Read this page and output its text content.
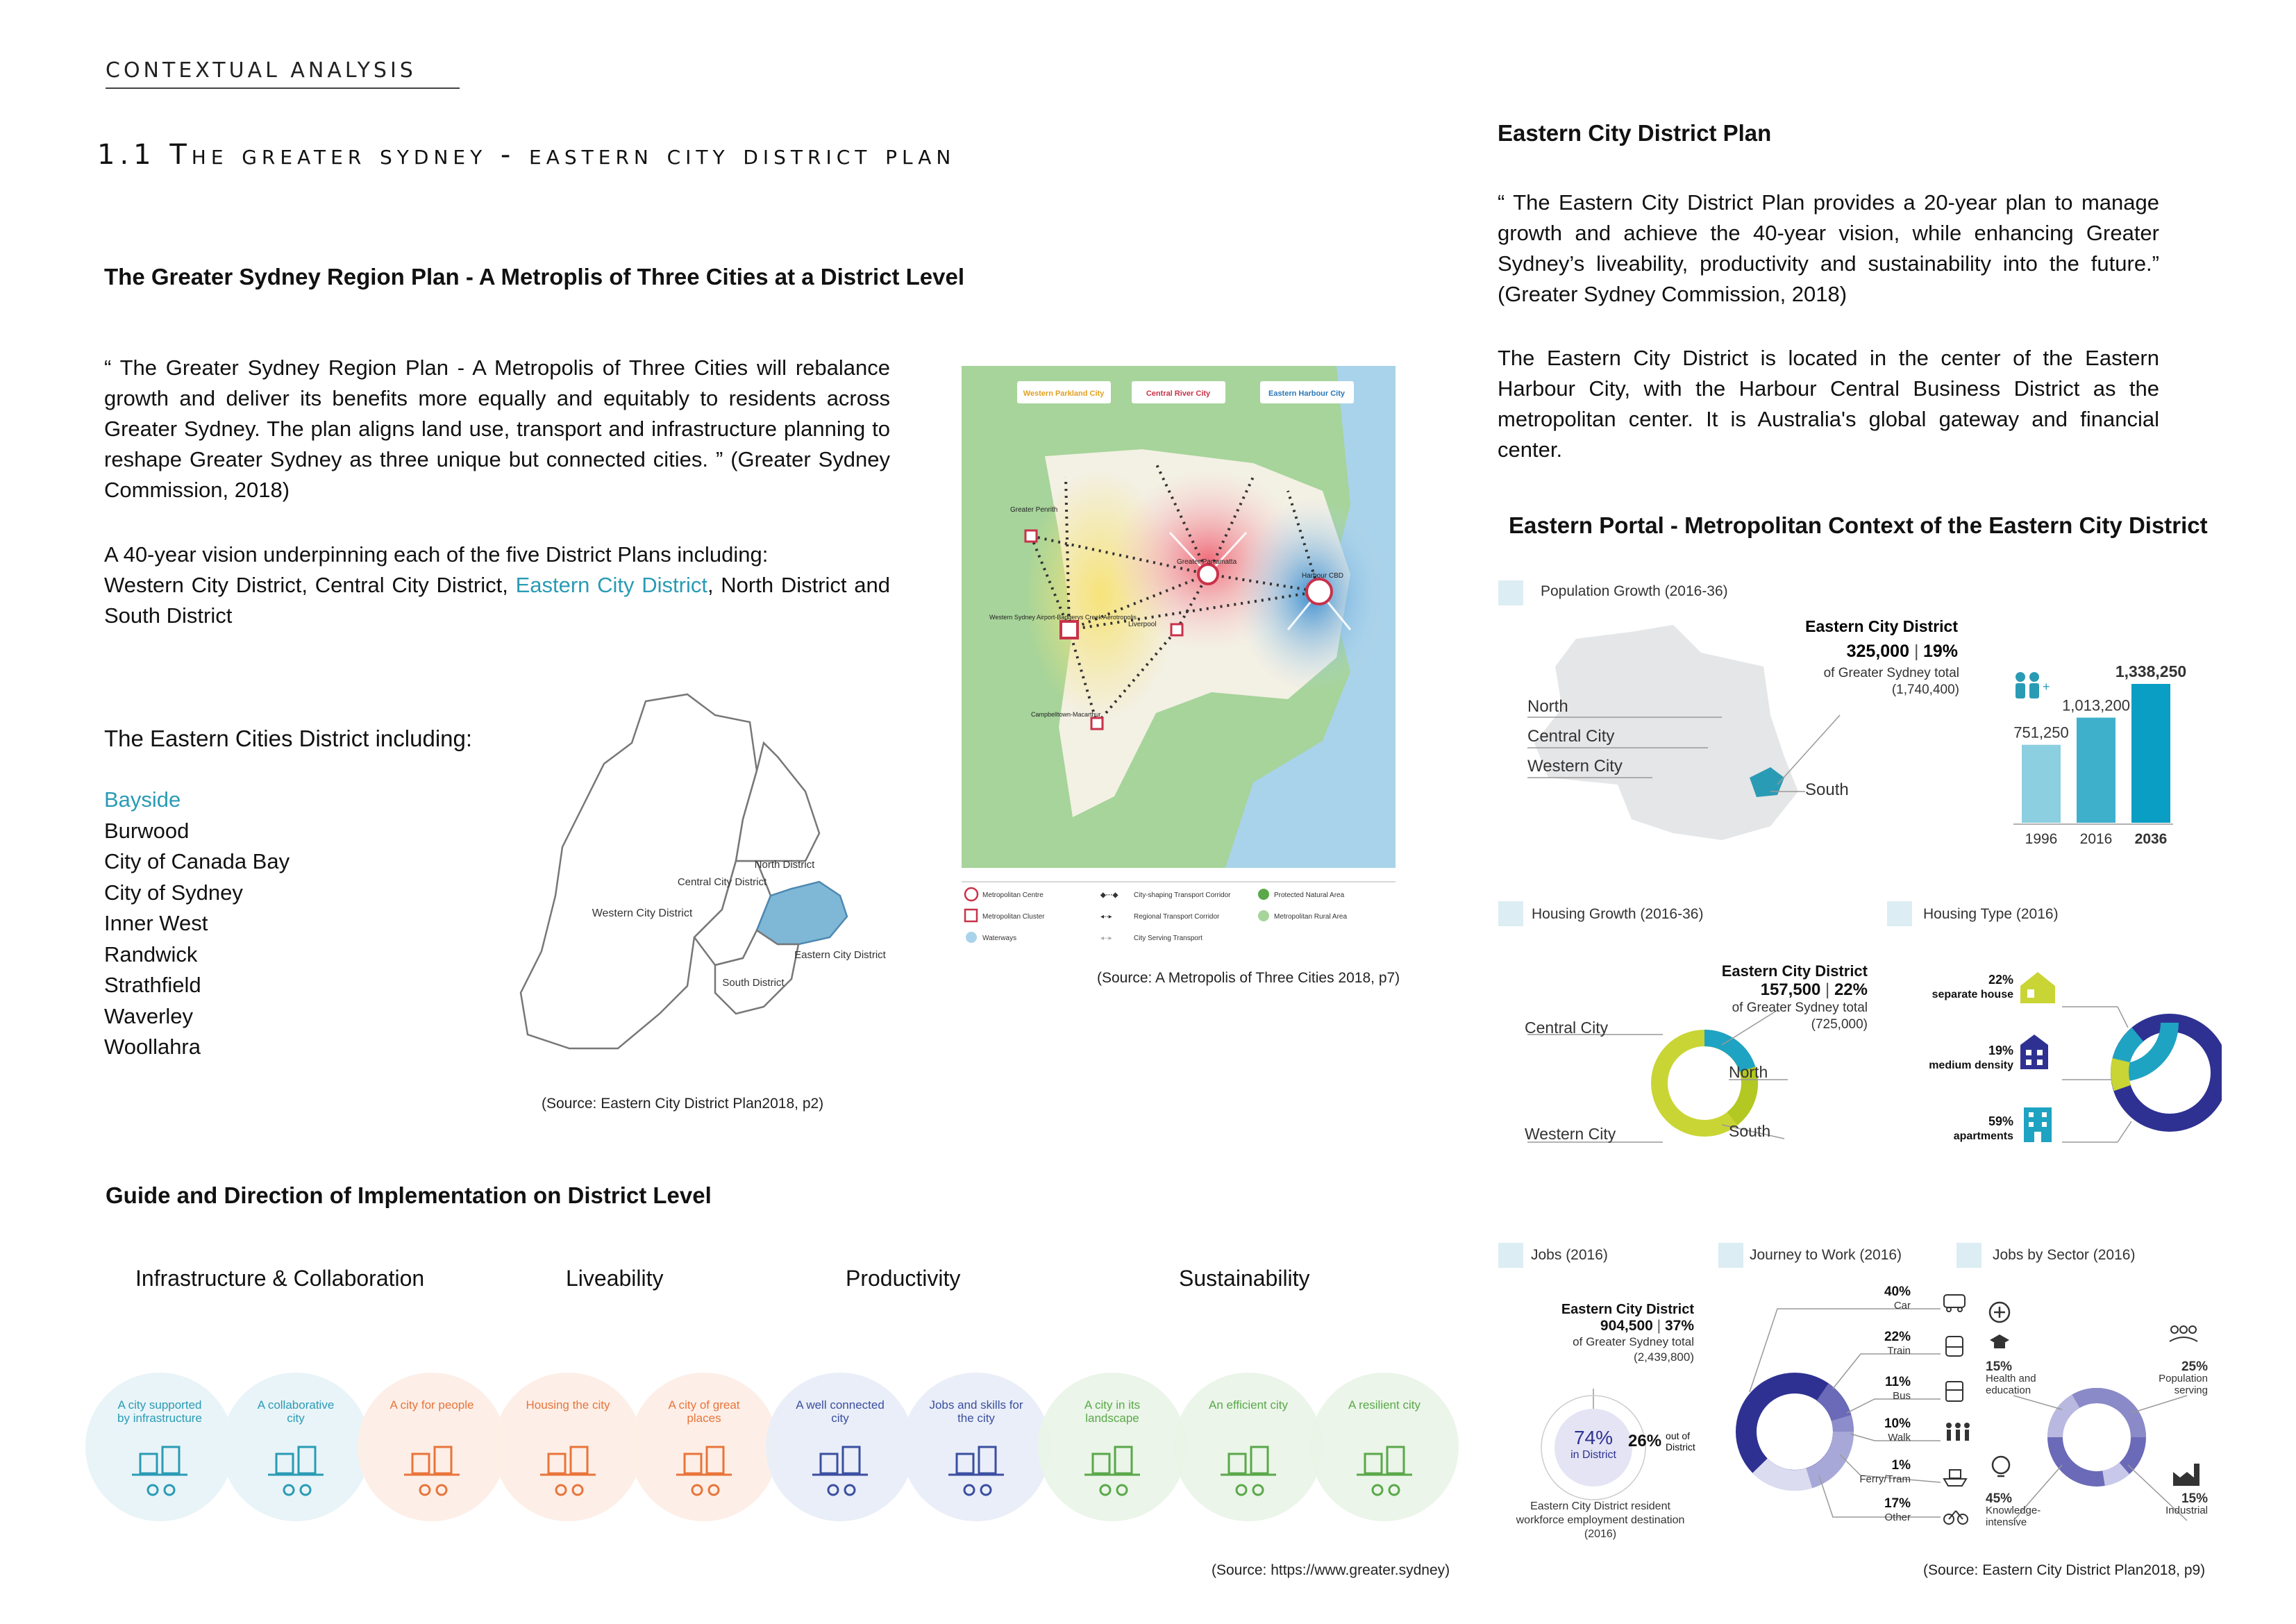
CONTEXTUAL ANALYSIS
1.1 The greater sydney - eastern city district plan
The Greater Sydney Region Plan - A Metroplis of Three Cities at a District Level
“ The Greater Sydney Region Plan - A Metropolis of Three Cities will rebalance growth and deliver its benefits more equally and equitably to residents across Greater Sydney. The plan aligns land use, transport and infrastructure planning to reshape Greater Sydney as three unique but connected cities. ” (Greater Sydney Commission, 2018)
A 40-year vision underpinning each of the five District Plans including:
Western City District, Central City District, Eastern City District, North District and South District
The Eastern Cities District including:
Bayside
Burwood
City of Canada Bay
City of Sydney
Inner West
Randwick
Strathfield
Waverley
Woollahra
Western City District
Central City District
North District
Eastern City District
South District
(Source: Eastern City District Plan2018, p2)
Greater Penrith
Greater Parramatta
Harbour CBD
Western Sydney Airport-Badgerys Creek Aerotropolis
Liverpool
Campbelltown-Macarthur
Western Parkland City	Central River City	Eastern Harbour City
Metropolitan Centre	◆···◆ City-shaping Transport Corridor	Protected Natural Area
Metropolitan Cluster	◂--▸	Regional Transport Corridor	Metropolitan Rural Area
Waterways	◂--▸	City Serving Transport
(Source: A Metropolis of Three Cities 2018, p7)
Guide and Direction of Implementation on District Level
Infrastructure & Collaboration	Liveability	Productivity	Sustainability
A city supported by infrastructure
A collaborative city
A city for people	Housing the city	A city of great places
A well connected city
Jobs and skills for the city
A city in its landscape
An efficient city	A resilient city
(Source: https://www.greater.sydney)
Eastern City District Plan
“ The Eastern City District Plan provides a 20-year plan to manage growth and achieve the 40-year vision, while enhancing Greater Sydney’s liveability, productivity and sustainability into the future.” (Greater Sydney Commission, 2018)
The Eastern City District is located in the center of the Eastern Harbour City, with the Harbour Central Business District as the metropolitan center. It is Australia's global gateway and financial center.
Eastern Portal - Metropolitan Context of the Eastern City District
Population Growth (2016-36)
North
Central City
Western City
South
Eastern City District
325,000 | 19%
of Greater Sydney total (1,740,400)	+
751,250
1996
1,013,200
2016
1,338,250
2036
Housing Growth (2016-36)
Central City
North
Western City	South
Eastern City District
157,500 | 22%
of Greater Sydney total (725,000)
Housing Type (2016)
22%
separate house
19%
medium density
59%
apartments
Jobs (2016)
Eastern City District
904,500 | 37%
of Greater Sydney total (2,439,800)
74%
in District
26% out of District
Eastern City District resident workforce employment destination (2016)
Journey to Work (2016)
40%
Car
22%
Train
11%
Bus
10%
Walk
1%
Ferry/Tram
17%
Other
Jobs by Sector (2016)
15%
Health and education
25%
Population serving
45%
Knowledge-intensive
15%
Industrial
(Source: Eastern City District Plan2018, p9)
